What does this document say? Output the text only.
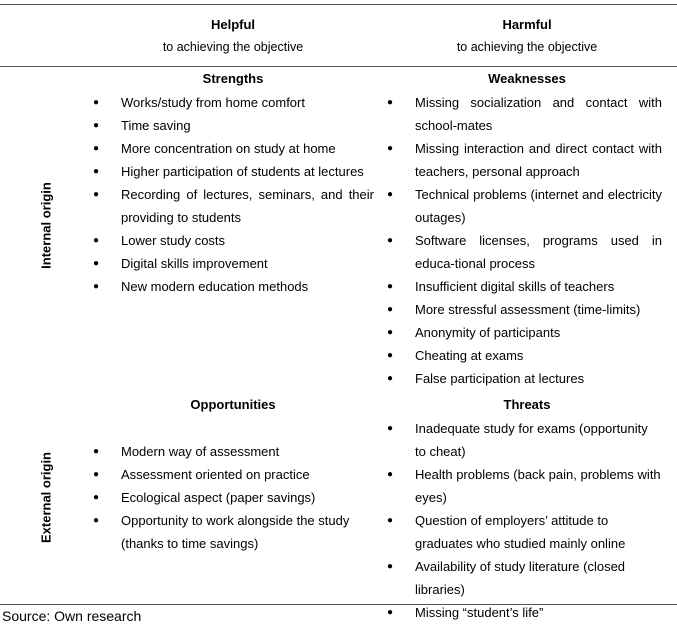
Helpful
to achieving the objective
Harmful
to achieving the objective
Internal origin
External origin
Strengths	Weaknesses
Opportunities	Threats
● Works/study from home comfort
● Time saving
● More concentration on study at home
● Higher participation of students at lectures
● Recording of lectures, seminars, and their providing to students
● Lower study costs
● Digital skills improvement
● New modern education methods
● Missing socialization and contact with school-mates
● Missing interaction and direct contact with teachers, personal approach
● Technical problems (internet and electricity outages)
● Software licenses, programs used in educa-tional process
● Insufficient digital skills of teachers
● More stressful assessment (time-limits)
● Anonymity of participants
● Cheating at exams
● False participation at lectures
● Modern way of assessment
● Assessment oriented on practice
● Ecological aspect (paper savings)
● Opportunity to work alongside the study (thanks to time savings)
● Inadequate study for exams (opportunity to cheat)
● Health problems (back pain, problems with eyes)
● Question of employers’ attitude to graduates who studied mainly online
● Availability of study literature (closed libraries)
● Missing “student’s life”
Source: Own research
